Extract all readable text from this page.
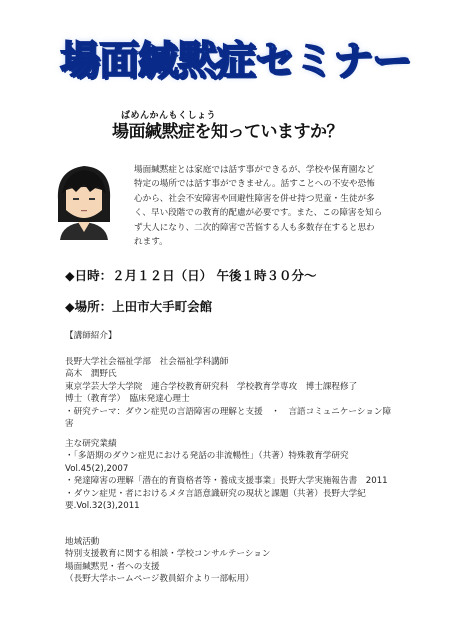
場面緘黙症セミナー
ばめんかんもくしょう
場面緘黙症を知っていますか？
場面緘黙症とは家庭では話す事ができるが、学校や保育園など
特定の場所では話す事ができません。話すことへの不安や恐怖
心から、社会不安障害や回避性障害を併せ持つ児童・生徒が多
く、早い段階での教育的配慮が必要です。また、この障害を知ら
ず大人になり、二次的障害で苦悩する人も多数存在すると思わ
れます。
◆日時：２月１２日（日） 午後１時３０分～
◆場所：上田市大手町会館

【講師紹介】

長野大学社会福祉学部　社会福祉学科講師

高木　潤野氏

東京学芸大学大学院　連合学校教育研究科　学校教育学専攻　博士課程修了

博士（教育学）　臨床発達心理士

・研究テーマ：ダウン症児の言語障害の理解と支援　・　言語コミュニケーション障害

主な研究業績

・「多語期のダウン症児における発話の非流暢性」（共著）特殊教育学研究

Vol.45(2),2007

・発達障害の理解「潜在的育資格者等・養成支援事業」長野大学実施報告書　2011

・ダウン症児・者におけるメタ言語意識研究の現状と課題（共著）長野大学紀

要.Vol.32(3),2011

地域活動

特別支援教育に関する相談・学校コンサルテーション

場面緘黙児・者への支援

（長野大学ホームページ教員紹介より一部転用）
